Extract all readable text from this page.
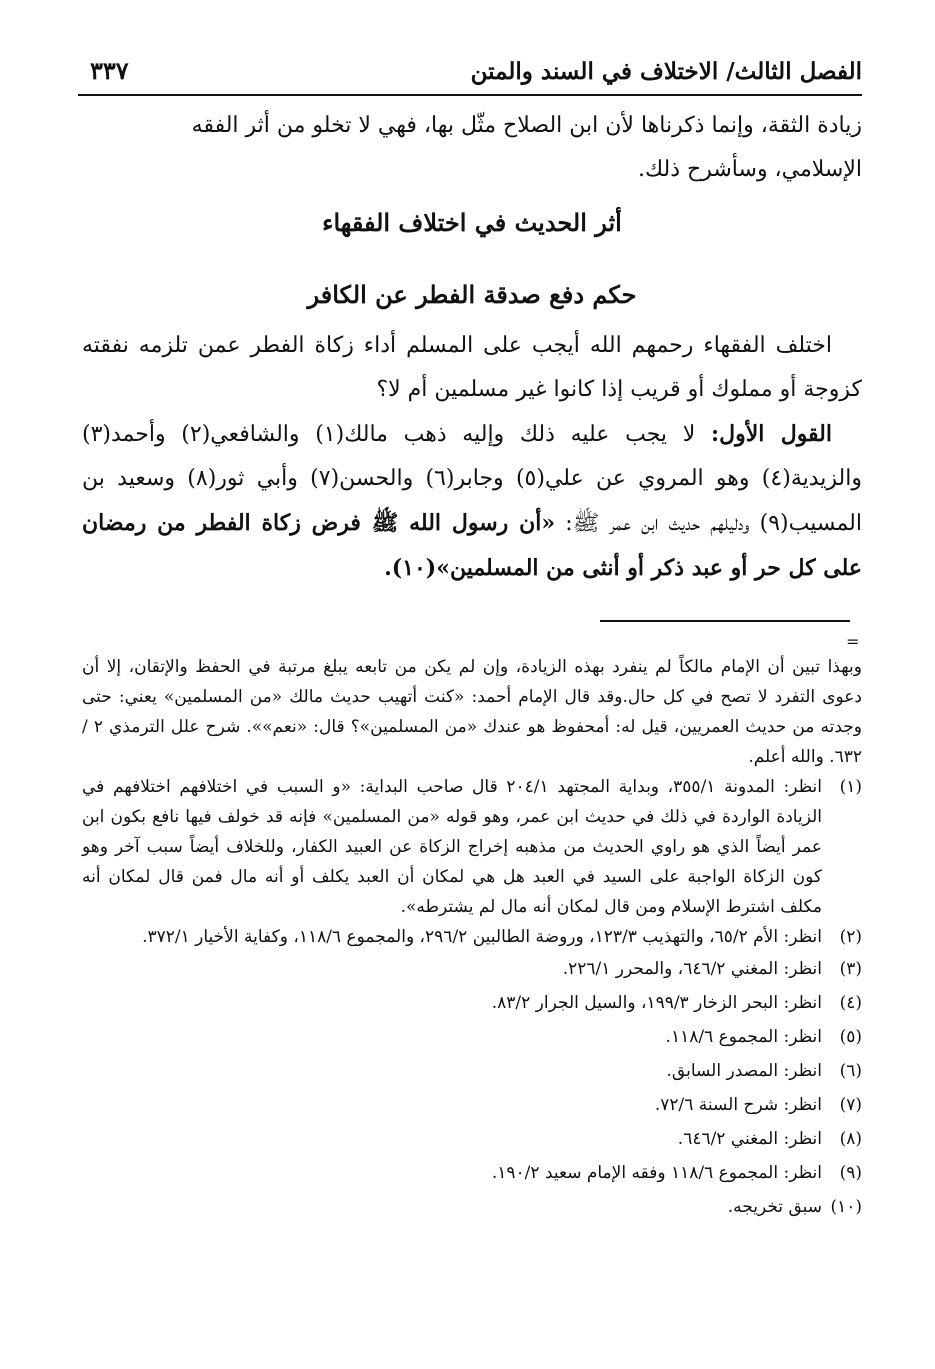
الفصل الثالث/ الاختلاف في السند والمتن
٣٣٧

زيادة الثقة، وإنما ذكرناها لأن ابن الصلاح مثّل بها، فهي لا تخلو من أثر الفقه

الإسلامي، وسأشرح ذلك.

أثر الحديث في اختلاف الفقهاء
حكم دفع صدقة الفطر عن الكافر

اختلف الفقهاء رحمهم الله أيجب على المسلم أداء زكاة الفطر عمن تلزمه نفقته كزوجة أو مملوك أو قريب إذا كانوا غير مسلمين أم لا؟

القول الأول: لا يجب عليه ذلك وإليه ذهب مالك(١) والشافعي(٢) وأحمد(٣) والزيدية(٤) وهو المروي عن علي(٥) وجابر(٦) والحسن(٧) وأبي ثور(٨) وسعيد بن المسيب(٩) ودليلهم حديث ابن عمر ﷺ: «أن رسول الله ﷺ فرض زكاة الفطر من رمضان على كل حر أو عبد ذكر أو أنثى من المسلمين»(١٠).

=

وبهذا تبين أن الإمام مالكاً لم ينفرد بهذه الزيادة، وإن لم يكن من تابعه يبلغ مرتبة في الحفظ والإتقان، إلا أن دعوى التفرد لا تصح في كل حال.وقد قال الإمام أحمد: «كنت أتهيب حديث مالك «من المسلمين» يعني: حتى وجدته من حديث العمريين، قيل له: أمحفوظ هو عندك «من المسلمين»؟ قال: «نعم»». شرح علل الترمذي ٢ / ٦٣٢. والله أعلم.

(١)
انظر: المدونة ٣٥٥/١، وبداية المجتهد ٢٠٤/١ قال صاحب البداية: «و السبب في اختلافهم اختلافهم في الزيادة الواردة في ذلك في حديث ابن عمر، وهو قوله «من المسلمين» فإنه قد خولف فيها نافع بكون ابن عمر أيضاً الذي هو راوي الحديث من مذهبه إخراج الزكاة عن العبيد الكفار، وللخلاف أيضاً سبب آخر وهو كون الزكاة الواجبة على السيد في العبد هل هي لمكان أن العبد يكلف أو أنه مال فمن قال لمكان أنه مكلف اشترط الإسلام ومن قال لمكان أنه مال لم يشترطه».
(٢)
انظر: الأم ٦٥/٢، والتهذيب ١٢٣/٣، وروضة الطالبين ٢٩٦/٢، والمجموع ١١٨/٦، وكفاية الأخيار ٣٧٢/١.
(٣)
انظر: المغني ٦٤٦/٢، والمحرر ٢٢٦/١.
(٤)
انظر: البحر الزخار ١٩٩/٣، والسيل الجرار ٨٣/٢.
(٥)
انظر: المجموع ١١٨/٦.
(٦)
انظر: المصدر السابق.
(٧)
انظر: شرح السنة ٧٢/٦.
(٨)
انظر: المغني ٦٤٦/٢.
(٩)
انظر: المجموع ١١٨/٦ وفقه الإمام سعيد ١٩٠/٢.
(١٠)
سبق تخريجه.
